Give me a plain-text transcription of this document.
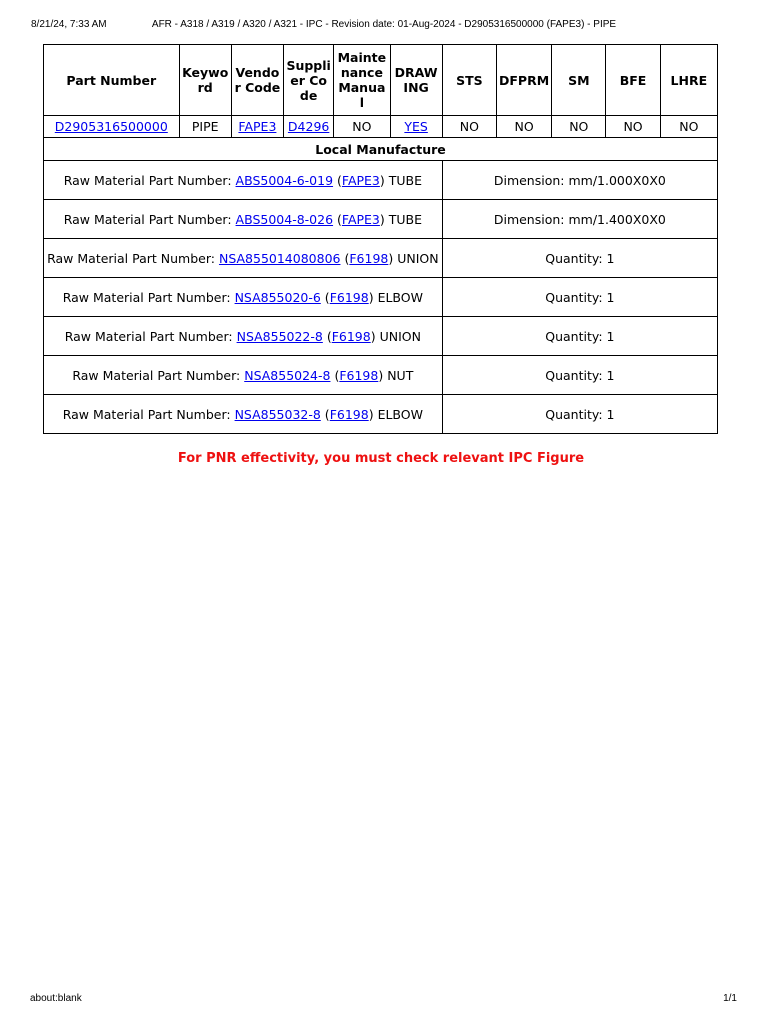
8/21/24, 7:33 AM	AFR - A318 / A319 / A320 / A321 - IPC - Revision date: 01-Aug-2024 - D2905316500000 (FAPE3) - PIPE
Part Number	Keyword	Vendor Code	Supplier Code	Maintenance Manual	DRAWING	STS	DFPRM	SM	BFE	LHRE
D2905316500000	PIPE	FAPE3	D4296	NO	YES	NO	NO	NO	NO	NO
Local Manufacture										
Raw Material Part Number: ABS5004-6-019 (FAPE3) TUBE						Dimension: mm/1.000X0X0				
Raw Material Part Number: ABS5004-8-026 (FAPE3) TUBE						Dimension: mm/1.400X0X0				
Raw Material Part Number: NSA855014080806 (F6198) UNION						Quantity: 1				
Raw Material Part Number: NSA855020-6 (F6198) ELBOW						Quantity: 1				
Raw Material Part Number: NSA855022-8 (F6198) UNION						Quantity: 1				
Raw Material Part Number: NSA855024-8 (F6198) NUT						Quantity: 1				
Raw Material Part Number: NSA855032-8 (F6198) ELBOW						Quantity: 1				
For PNR effectivity, you must check relevant IPC Figure
about:blank	1/1
